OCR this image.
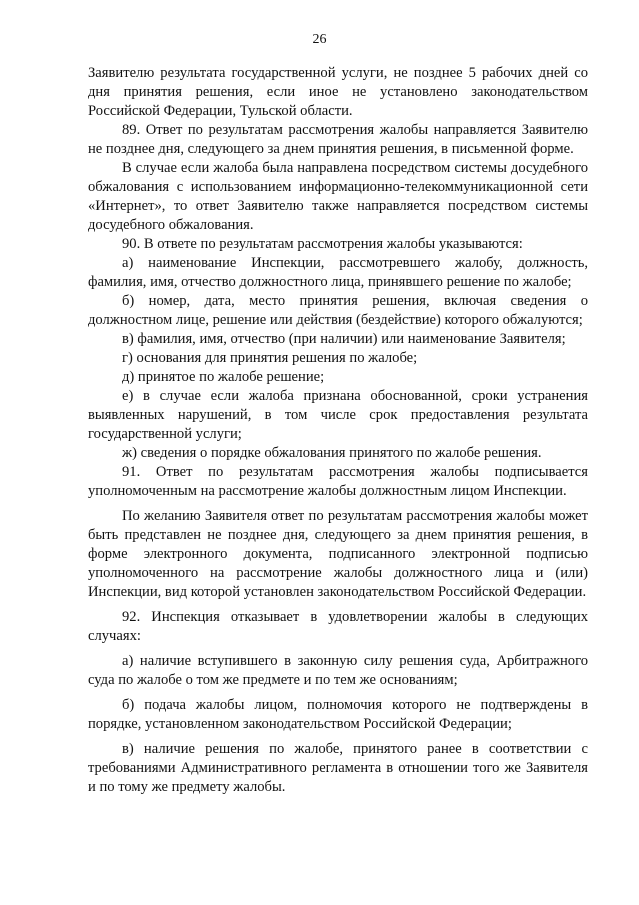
26

Заявителю результата государственной услуги, не позднее 5 рабочих дней со дня принятия решения, если иное не установлено законодательством Российской Федерации, Тульской области.

89. Ответ по результатам рассмотрения жалобы направляется Заявителю не позднее дня, следующего за днем принятия решения, в письменной форме.

В случае если жалоба была направлена посредством системы досудебного обжалования с использованием информационно-телекоммуникационной сети «Интернет», то ответ Заявителю также направляется посредством системы досудебного обжалования.

90. В ответе по результатам рассмотрения жалобы указываются:

а) наименование Инспекции, рассмотревшего жалобу, должность, фамилия, имя, отчество должностного лица, принявшего решение по жалобе;

б) номер, дата, место принятия решения, включая сведения о должностном лице, решение или действия (бездействие) которого обжалуются;

в) фамилия, имя, отчество (при наличии) или наименование Заявителя;

г) основания для принятия решения по жалобе;

д) принятое по жалобе решение;

е) в случае если жалоба признана обоснованной, сроки устранения выявленных нарушений, в том числе срок предоставления результата государственной услуги;

ж) сведения о порядке обжалования принятого по жалобе решения.

91. Ответ по результатам рассмотрения жалобы подписывается уполномоченным на рассмотрение жалобы должностным лицом Инспекции.

По желанию Заявителя ответ по результатам рассмотрения жалобы может быть представлен не позднее дня, следующего за днем принятия решения, в форме электронного документа, подписанного электронной подписью уполномоченного на рассмотрение жалобы должностного лица и (или) Инспекции, вид которой установлен законодательством Российской Федерации.

92. Инспекция отказывает в удовлетворении жалобы в следующих случаях:

а) наличие вступившего в законную силу решения суда, Арбитражного суда по жалобе о том же предмете и по тем же основаниям;

б) подача жалобы лицом, полномочия которого не подтверждены в порядке, установленном законодательством Российской Федерации;

в) наличие решения по жалобе, принятого ранее в соответствии с требованиями Административного регламента в отношении того же Заявителя и по тому же предмету жалобы.
